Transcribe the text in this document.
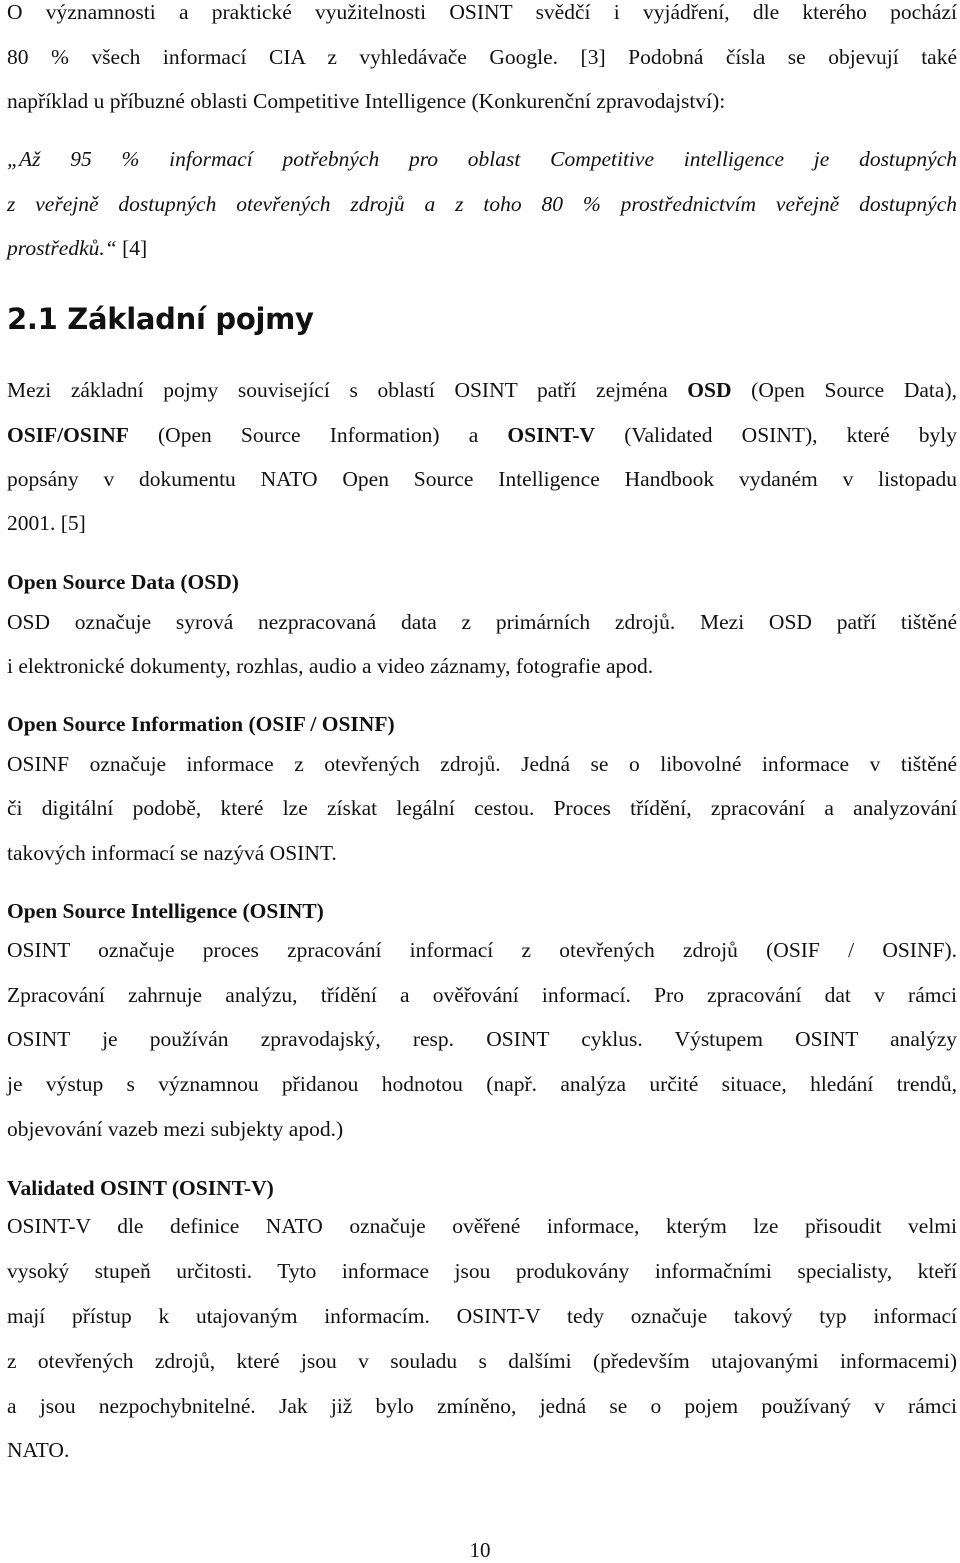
O významnosti a praktické využitelnosti OSINT svědčí i vyjádření, dle kterého pochází
80 % všech informací CIA z vyhledávače Google. [3] Podobná čísla se objevují také
například u příbuzné oblasti Competitive Intelligence (Konkurenční zpravodajství):
„Až 95 % informací potřebných pro oblast Competitive intelligence je dostupných
z veřejně dostupných otevřených zdrojů a z toho 80 % prostřednictvím veřejně dostupných
prostředků.“ [4]
2.1 Základní pojmy
Mezi základní pojmy související s oblastí OSINT patří zejména OSD (Open Source Data),
OSIF/OSINF (Open Source Information) a OSINT-V (Validated OSINT), které byly
popsány v dokumentu NATO Open Source Intelligence Handbook vydaném v listopadu
2001. [5]
Open Source Data (OSD)
OSD označuje syrová nezpracovaná data z primárních zdrojů. Mezi OSD patří tištěné
i elektronické dokumenty, rozhlas, audio a video záznamy, fotografie apod.
Open Source Information (OSIF / OSINF)
OSINF označuje informace z otevřených zdrojů. Jedná se o libovolné informace v tištěné
či digitální podobě, které lze získat legální cestou. Proces třídění, zpracování a analyzování
takových informací se nazývá OSINT.
Open Source Intelligence (OSINT)
OSINT označuje proces zpracování informací z otevřených zdrojů (OSIF / OSINF).
Zpracování zahrnuje analýzu, třídění a ověřování informací. Pro zpracování dat v rámci
OSINT je používán zpravodajský, resp. OSINT cyklus. Výstupem OSINT analýzy
je výstup s významnou přidanou hodnotou (např. analýza určité situace, hledání trendů,
objevování vazeb mezi subjekty apod.)
Validated OSINT (OSINT-V)
OSINT-V dle definice NATO označuje ověřené informace, kterým lze přisoudit velmi
vysoký stupeň určitosti. Tyto informace jsou produkovány informačními specialisty, kteří
mají přístup k utajovaným informacím. OSINT-V tedy označuje takový typ informací
z otevřených zdrojů, které jsou v souladu s dalšími (především utajovanými informacemi)
a jsou nezpochybnitelné. Jak již bylo zmíněno, jedná se o pojem používaný v rámci
NATO.
10
